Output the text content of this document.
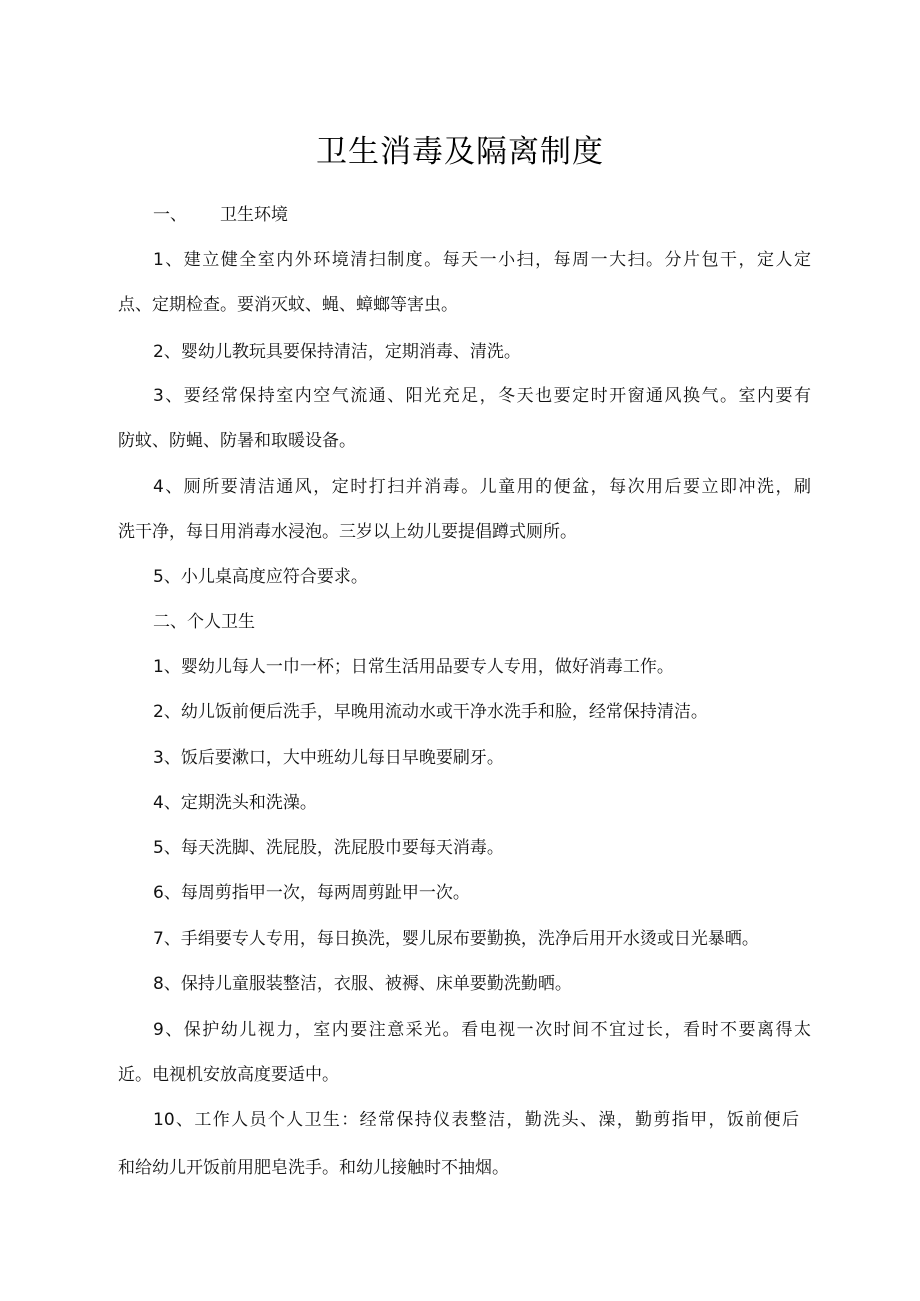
卫生消毒及隔离制度
一、 卫生环境

1、建立健全室内外环境清扫制度。每天一小扫，每周一大扫。分片包干，定人定

点、定期检查。要消灭蚊、蝇、蟑螂等害虫。

2、婴幼儿教玩具要保持清洁，定期消毒、清洗。

3、要经常保持室内空气流通、阳光充足，冬天也要定时开窗通风换气。室内要有

防蚊、防蝇、防暑和取暖设备。

4、厕所要清洁通风，定时打扫并消毒。儿童用的便盆，每次用后要立即冲洗，刷

洗干净，每日用消毒水浸泡。三岁以上幼儿要提倡蹲式厕所。

5、小儿桌高度应符合要求。

二、个人卫生

1、婴幼儿每人一巾一杯；日常生活用品要专人专用，做好消毒工作。

2、幼儿饭前便后洗手，早晚用流动水或干净水洗手和脸，经常保持清洁。

3、饭后要漱口，大中班幼儿每日早晚要刷牙。

4、定期洗头和洗澡。

5、每天洗脚、洗屁股，洗屁股巾要每天消毒。

6、每周剪指甲一次，每两周剪趾甲一次。

7、手绢要专人专用，每日换洗，婴儿尿布要勤换，洗净后用开水烫或日光暴晒。

8、保持儿童服装整洁，衣服、被褥、床单要勤洗勤晒。

9、保护幼儿视力，室内要注意采光。看电视一次时间不宜过长，看时不要离得太

近。电视机安放高度要适中。

10、工作人员个人卫生：经常保持仪表整洁，勤洗头、澡，勤剪指甲，饭前便后

和给幼儿开饭前用肥皂洗手。和幼儿接触时不抽烟。
